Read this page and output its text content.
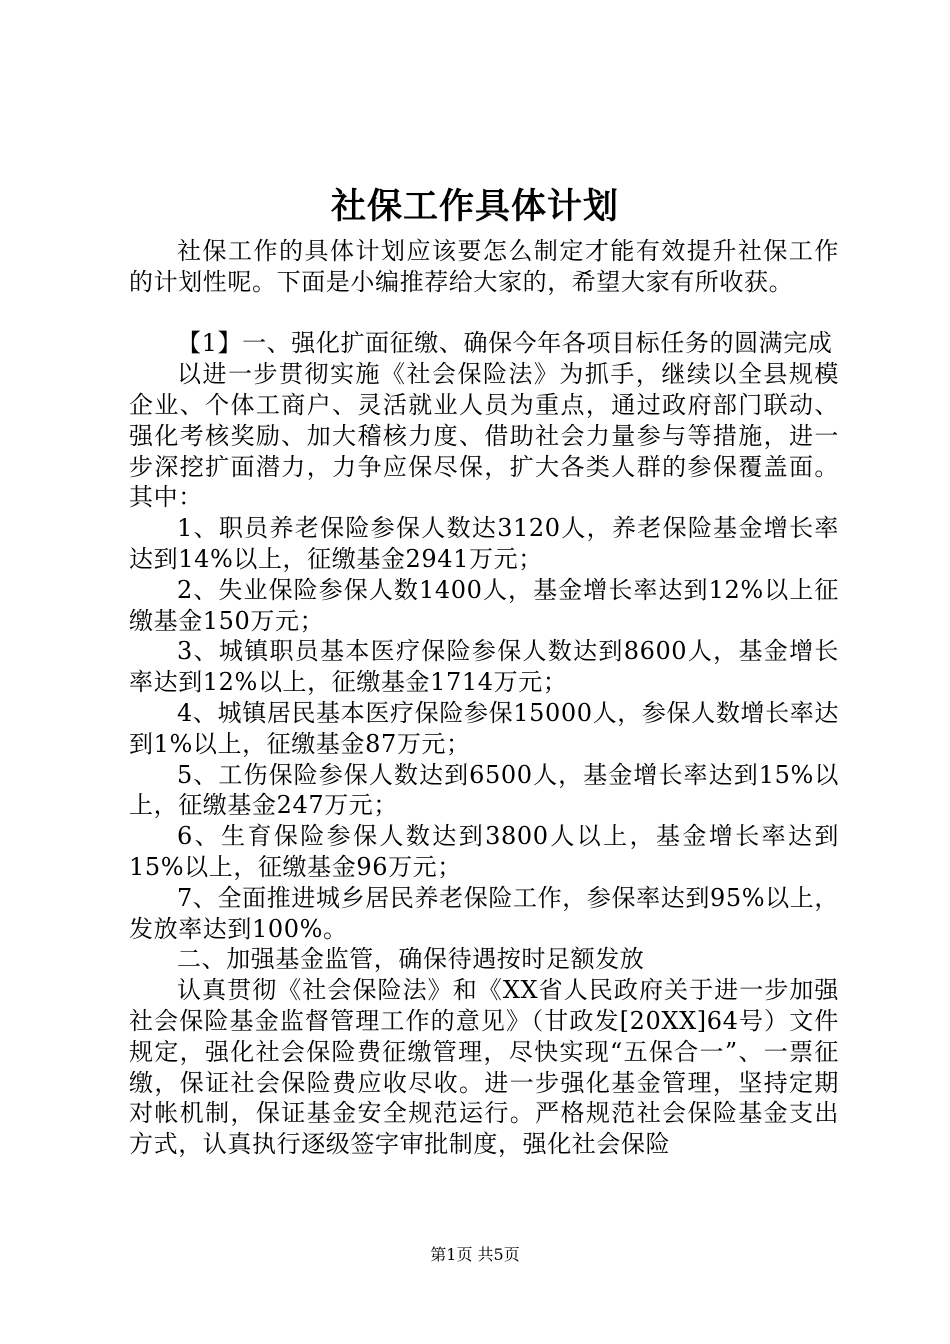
社保工作具体计划

社保工作的具体计划应该要怎么制定才能有效提升社保工作的计划性呢。下面是小编推荐给大家的，希望大家有所收获。

【1】一、强化扩面征缴、确保今年各项目标任务的圆满完成

以进一步贯彻实施《社会保险法》为抓手，继续以全县规模企业、个体工商户、灵活就业人员为重点，通过政府部门联动、强化考核奖励、加大稽核力度、借助社会力量参与等措施，进一步深挖扩面潜力，力争应保尽保，扩大各类人群的参保覆盖面。其中：

1、职员养老保险参保人数达3120人，养老保险基金增长率达到14%以上，征缴基金2941万元；

2、失业保险参保人数1400人，基金增长率达到12%以上征缴基金150万元；

3、城镇职员基本医疗保险参保人数达到8600人，基金增长率达到12%以上，征缴基金1714万元；

4、城镇居民基本医疗保险参保15000人，参保人数增长率达到1%以上，征缴基金87万元；

5、工伤保险参保人数达到6500人，基金增长率达到15%以上，征缴基金247万元；

6、生育保险参保人数达到3800人以上，基金增长率达到15%以上，征缴基金96万元；

7、全面推进城乡居民养老保险工作，参保率达到95%以上，发放率达到100%。

二、加强基金监管，确保待遇按时足额发放

认真贯彻《社会保险法》和《XX省人民政府关于进一步加强社会保险基金监督管理工作的意见》（甘政发[20XX]64号）文件规定，强化社会保险费征缴管理，尽快实现“五保合一”、一票征缴，保证社会保险费应收尽收。进一步强化基金管理，坚持定期对帐机制，保证基金安全规范运行。严格规范社会保险基金支出方式，认真执行逐级签字审批制度，强化社会保险

第1页 共5页
